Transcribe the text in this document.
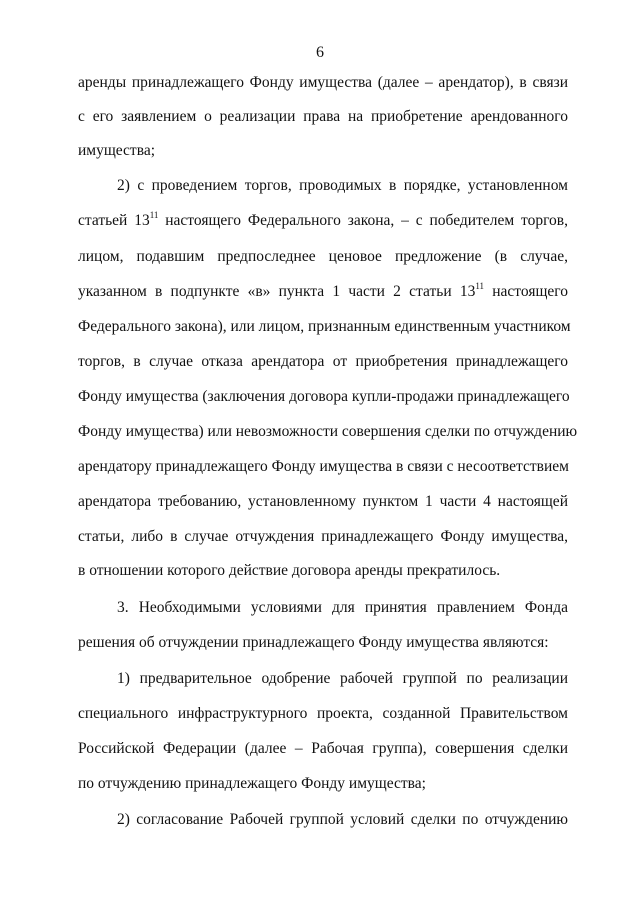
6
аренды принадлежащего Фонду имущества (далее – арендатор), в связи
с его заявлением о реализации права на приобретение арендованного
имущества;
2) с проведением торгов, проводимых в порядке, установленном
статьей $13^{11}$ настоящего Федерального закона, – с победителем торгов,
лицом, подавшим предпоследнее ценовое предложение (в случае,
указанном в подпункте «в» пункта 1 части 2 статьи $13^{11}$ настоящего
Федерального закона), или лицом, признанным единственным участником
торгов, в случае отказа арендатора от приобретения принадлежащего
Фонду имущества (заключения договора купли-продажи принадлежащего
Фонду имущества) или невозможности совершения сделки по отчуждению
арендатору принадлежащего Фонду имущества в связи с несоответствием
арендатора требованию, установленному пунктом 1 части 4 настоящей
статьи, либо в случае отчуждения принадлежащего Фонду имущества,
в отношении которого действие договора аренды прекратилось.
3. Необходимыми условиями для принятия правлением Фонда
решения об отчуждении принадлежащего Фонду имущества являются:
1) предварительное одобрение рабочей группой по реализации
специального инфраструктурного проекта, созданной Правительством
Российской Федерации (далее – Рабочая группа), совершения сделки
по отчуждению принадлежащего Фонду имущества;
2) согласование Рабочей группой условий сделки по отчуждению
